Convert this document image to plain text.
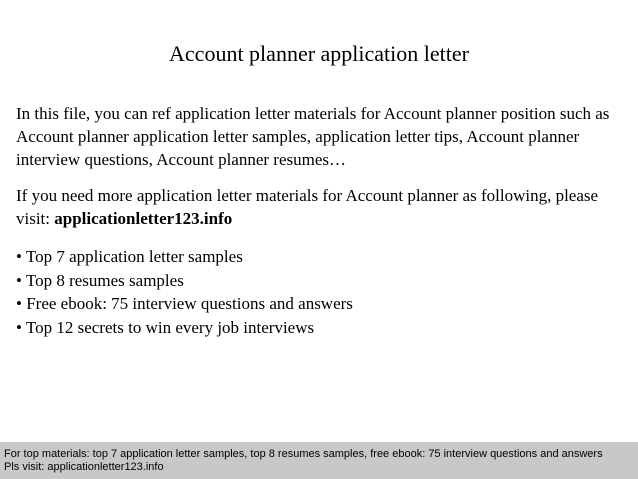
Account planner application letter

In this file, you can ref application letter materials for Account planner position such as Account planner application letter samples, application letter tips, Account planner interview questions, Account planner resumes…

If you need more application letter materials for Account planner as following, please visit: applicationletter123.info

• Top 7 application letter samples
• Top 8 resumes samples
• Free ebook: 75 interview questions and answers
• Top 12 secrets to win every job interviews
For top materials: top 7 application letter samples, top 8 resumes samples, free ebook: 75 interview questions and answers
Pls visit: applicationletter123.info
